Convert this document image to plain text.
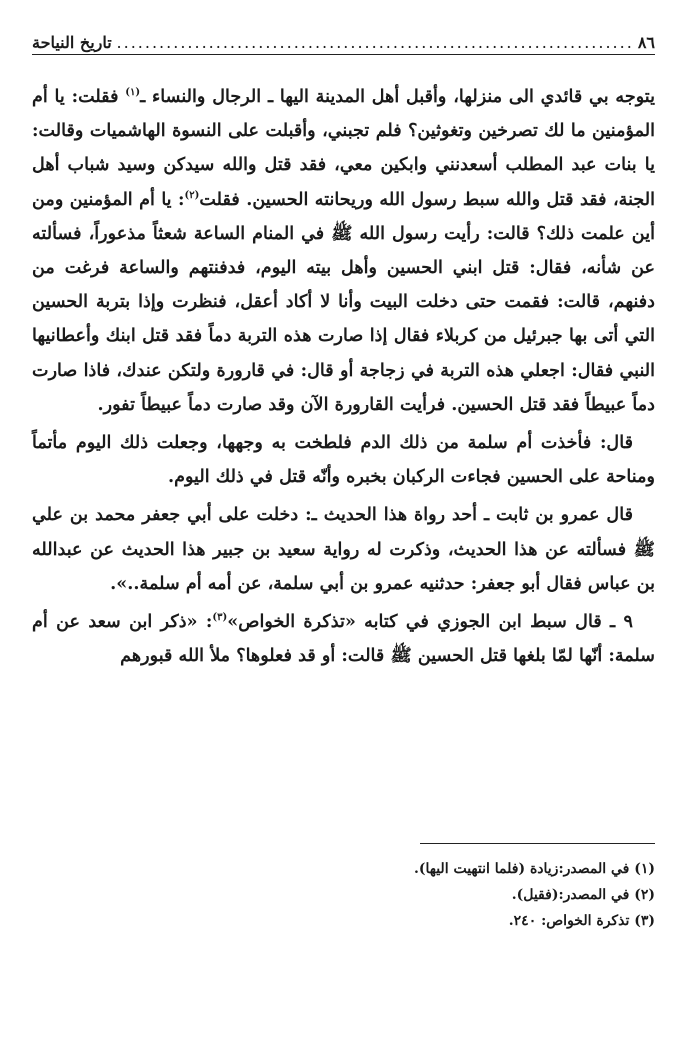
٨٦
.....
تاريخ النياحة

يتوجه بي قائدي الى منزلها، وأقبل أهل المدينة اليها ـ الرجال والنساء ـ$^{(١)}$ فقلت: يا أم المؤمنين ما لك تصرخين وتغوثين؟ فلم تجبني، وأقبلت على النسوة الهاشميات وقالت: يا بنات عبد المطلب أسعدنني وابكين معي، فقد قتل والله سيدكن وسيد شباب أهل الجنة، فقد قتل والله سبط رسول الله وريحانته الحسين. فقلت$^{(٢)}$: يا أم المؤمنين ومن أين علمت ذلك؟ قالت: رأيت رسول الله ﷺ في المنام الساعة شعثاً مذعوراً، فسألته عن شأنه، فقال: قتل ابني الحسين وأهل بيته اليوم، فدفنتهم والساعة فرغت من دفنهم، قالت: فقمت حتى دخلت البيت وأنا لا أكاد أعقل، فنظرت وإذا بتربة الحسين التي أتى بها جبرئيل من كربلاء فقال إذا صارت هذه التربة دماً فقد قتل ابنك وأعطانيها النبي فقال: اجعلي هذه التربة في زجاجة أو قال: في قارورة ولتكن عندك، فاذا صارت دماً عبيطاً فقد قتل الحسين. فرأيت القارورة الآن وقد صارت دماً عبيطاً تفور.

قال: فأخذت أم سلمة من ذلك الدم فلطخت به وجهها، وجعلت ذلك اليوم مأتماً ومناحة على الحسين فجاءت الركبان بخبره وأنّه قتل في ذلك اليوم.

قال عمرو بن ثابت ـ أحد رواة هذا الحديث ـ: دخلت على أبي جعفر محمد بن علي ﷺ فسألته عن هذا الحديث، وذكرت له رواية سعيد بن جبير هذا الحديث عن عبدالله بن عباس فقال أبو جعفر: حدثنيه عمرو بن أبي سلمة، عن أمه أم سلمة..».

٩ ـ قال سبط ابن الجوزي في كتابه «تذكرة الخواص»$^{(٣)}$: «ذكر ابن سعد عن أم سلمة: أنّها لمّا بلغها قتل الحسين ﷺ قالت: أو قد فعلوها؟ ملأ الله قبورهم

(١) في المصدر:زيادة (فلما انتهيت اليها).
(٢) في المصدر:(فقيل).
(٣) تذكرة الخواص: ٢٤٠.
